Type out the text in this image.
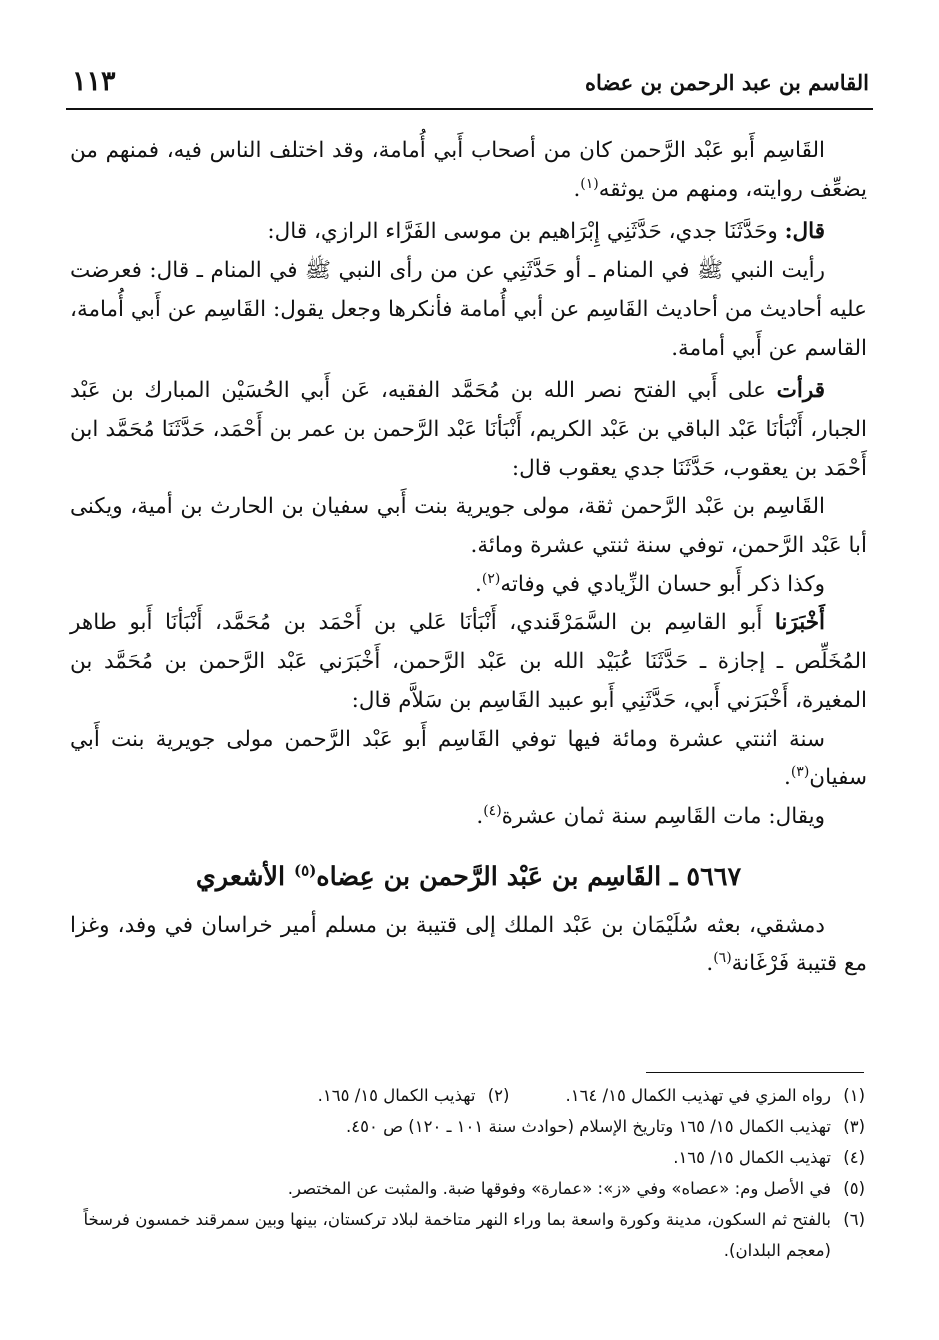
القاسم بن عبد الرحمن بن عضاه
١١٣

القَاسِم أَبو عَبْد الرَّحمن كان من أصحاب أَبي أُمامة، وقد اختلف الناس فيه، فمنهم من يضعِّف روايته، ومنهم من يوثقه$^{(١)}$.

قال: وحَدَّثَنَا جدي، حَدَّثَنِي إِبْرَاهيم بن موسى الفَرَّاء الرازي، قال:

رأيت النبي ﷺ في المنام ـ أو حَدَّثَنِي عن من رأى النبي ﷺ في المنام ـ قال: فعرضت عليه أحاديث من أحاديث القَاسِم عن أبي أُمامة فأنكرها وجعل يقول: القَاسِم عن أَبي أُمامة، القاسم عن أَبي أمامة.

قرأت على أَبي الفتح نصر الله بن مُحَمَّد الفقيه، عَن أَبي الحُسَيْن المبارك بن عَبْد الجبار، أَنْبَأنَا عَبْد الباقي بن عَبْد الكريم، أَنْبَأنَا عَبْد الرَّحمن بن عمر بن أَحْمَد، حَدَّثَنَا مُحَمَّد ابن أَحْمَد بن يعقوب، حَدَّثَنَا جدي يعقوب قال:

القَاسِم بن عَبْد الرَّحمن ثقة، مولى جويرية بنت أَبي سفيان بن الحارث بن أمية، ويكنى أبا عَبْد الرَّحمن، توفي سنة ثنتي عشرة ومائة.

وكذا ذكر أَبو حسان الزِّيادي في وفاته$^{(٢)}$.

أَخْبَرَنا أَبو القاسِم بن السَّمَرْقَندي، أَنْبَأنَا عَلي بن أَحْمَد بن مُحَمَّد، أَنْبَأنَا أَبو طاهر المُخَلِّص ـ إجازة ـ حَدَّثَنَا عُبَيْد الله بن عَبْد الرَّحمن، أَخْبَرَني عَبْد الرَّحمن بن مُحَمَّد بن المغيرة، أَخْبَرَني أَبي، حَدَّثَنِي أَبو عبيد القَاسِم بن سَلاَّم قال:

سنة اثنتي عشرة ومائة فيها توفي القَاسِم أَبو عَبْد الرَّحمن مولى جويرية بنت أَبي سفيان$^{(٣)}$.

ويقال: مات القَاسِم سنة ثمان عشرة$^{(٤)}$.

٥٦٦٧ ـ القَاسِم بن عَبْد الرَّحمن بن عِضاه$^{(٥)}$ الأشعري

دمشقي، بعثه سُلَيْمَان بن عَبْد الملك إلى قتيبة بن مسلم أمير خراسان في وفد، وغزا مع قتيبة فَرْغَانة$^{(٦)}$.

(١)
رواه المزي في تهذيب الكمال ١٥/ ١٦٤.
(٢)
تهذيب الكمال ١٥/ ١٦٥.
(٣)
تهذيب الكمال ١٥/ ١٦٥ وتاريخ الإسلام (حوادث سنة ١٠١ ـ ١٢٠) ص ٤٥٠.
(٤)
تهذيب الكمال ١٥/ ١٦٥.
(٥)
في الأصل وم: «عصاه» وفي «ز»: «عمارة» وفوقها ضبة. والمثبت عن المختصر.
(٦)
بالفتح ثم السكون، مدينة وكورة واسعة بما وراء النهر متاخمة لبلاد تركستان، بينها وبين سمرقند خمسون فرسخاً (معجم البلدان).
